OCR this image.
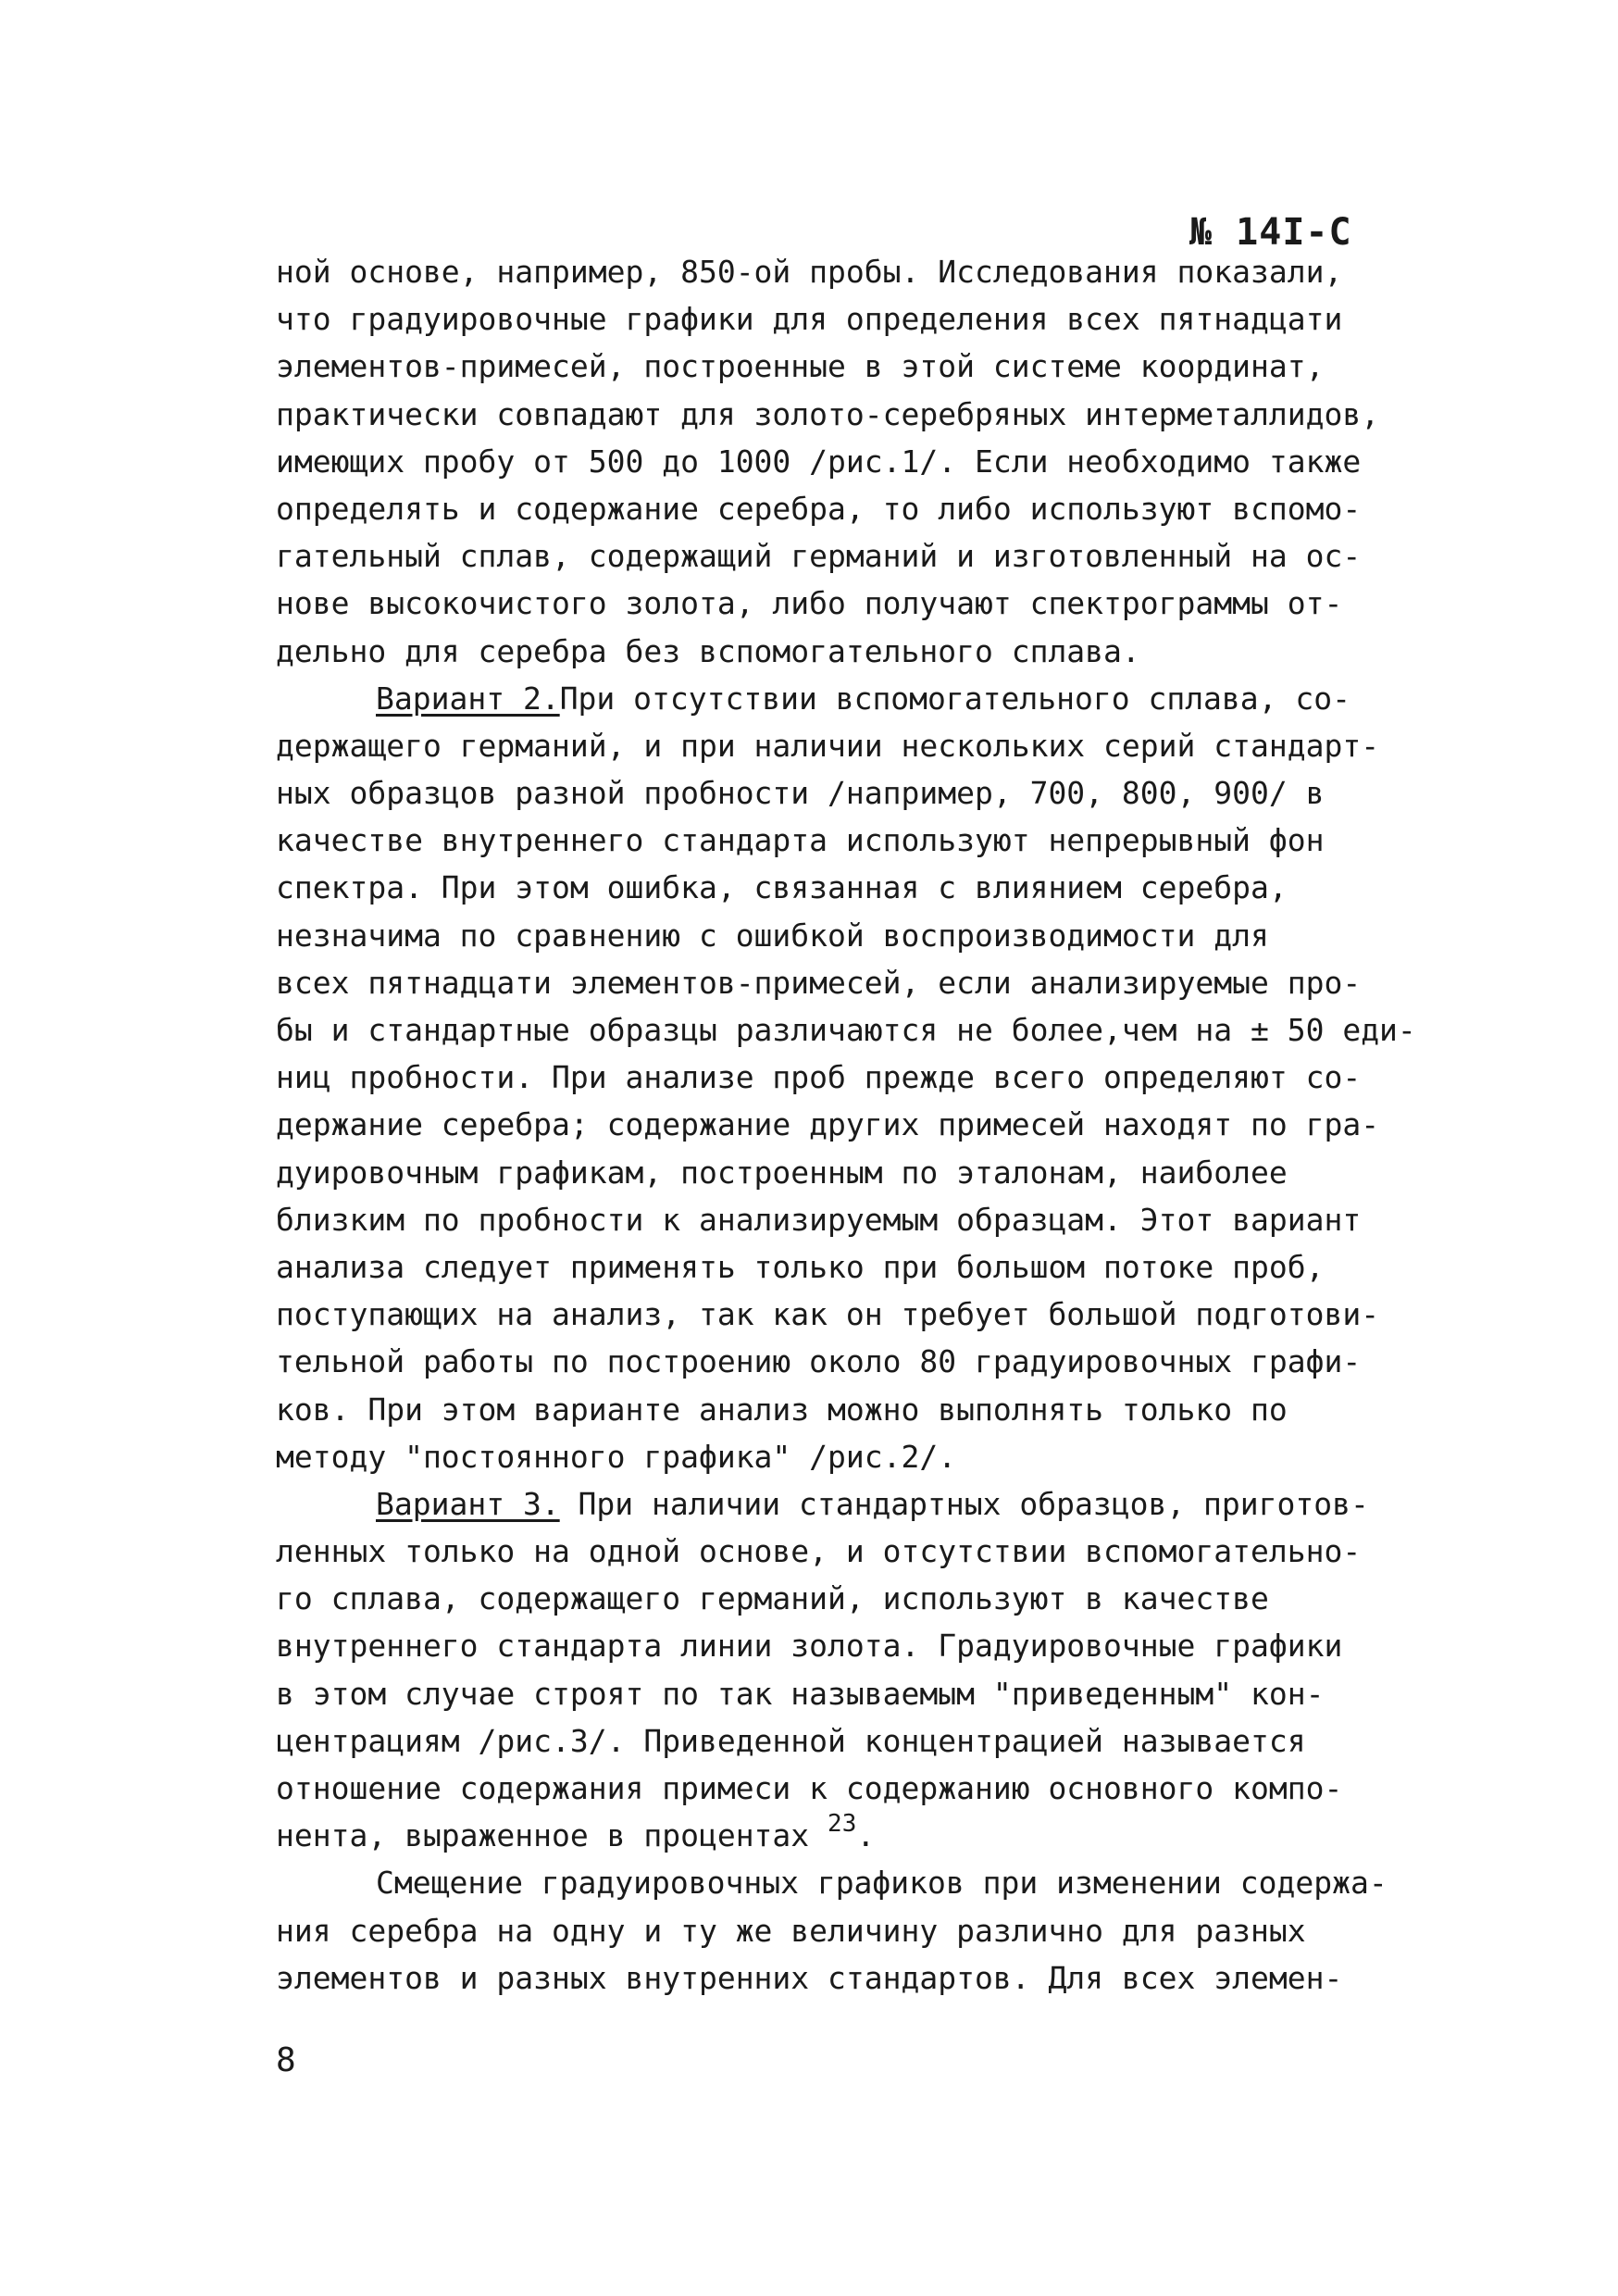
№ 14I-С
ной основе, например, 850-ой пробы. Исследования показали,
что градуировочные графики для определения всех пятнадцати
элементов-примесей, построенные в этой системе координат,
практически совпадают для золото-серебряных интерметаллидов,
имеющих пробу от 500 до 1000 /рис.1/. Если необходимо также
определять и содержание серебра, то либо используют вспомо-
гательный сплав, содержащий германий и изготовленный на ос-
нове высокочистого золота, либо получают спектрограммы от-
дельно для серебра без вспомогательного сплава.
Вариант 2.При отсутствии вспомогательного сплава, со-
держащего германий, и при наличии нескольких серий стандарт-
ных образцов разной пробности /например, 700, 800, 900/ в
качестве внутреннего стандарта используют непрерывный фон
спектра. При этом ошибка, связанная с влиянием серебра,
незначима по сравнению с ошибкой воспроизводимости для
всех пятнадцати элементов-примесей, если анализируемые про-
бы и стандартные образцы различаются не более,чем на ± 50 еди-
ниц пробности. При анализе проб прежде всего определяют со-
держание серебра; содержание других примесей находят по гра-
дуировочным графикам, построенным по эталонам, наиболее
близким по пробности к анализируемым образцам. Этот вариант
анализа следует применять только при большом потоке проб,
поступающих на анализ, так как он требует большой подготови-
тельной работы по построению около 80 градуировочных графи-
ков. При этом варианте анализ можно выполнять только по
методу "постоянного графика" /рис.2/.
Вариант 3. При наличии стандартных образцов, приготов-
ленных только на одной основе, и отсутствии вспомогательно-
го сплава, содержащего германий, используют в качестве
внутреннего стандарта линии золота. Градуировочные графики
в этом случае строят по так называемым "приведенным" кон-
центрациям /рис.3/. Приведенной концентрацией называется
отношение содержания примеси к содержанию основного компо-
нента, выраженное в процентах $^{23}$.
Смещение градуировочных графиков при изменении содержа-
ния серебра на одну и ту же величину различно для разных
элементов и разных внутренних стандартов. Для всех элемен-
8
